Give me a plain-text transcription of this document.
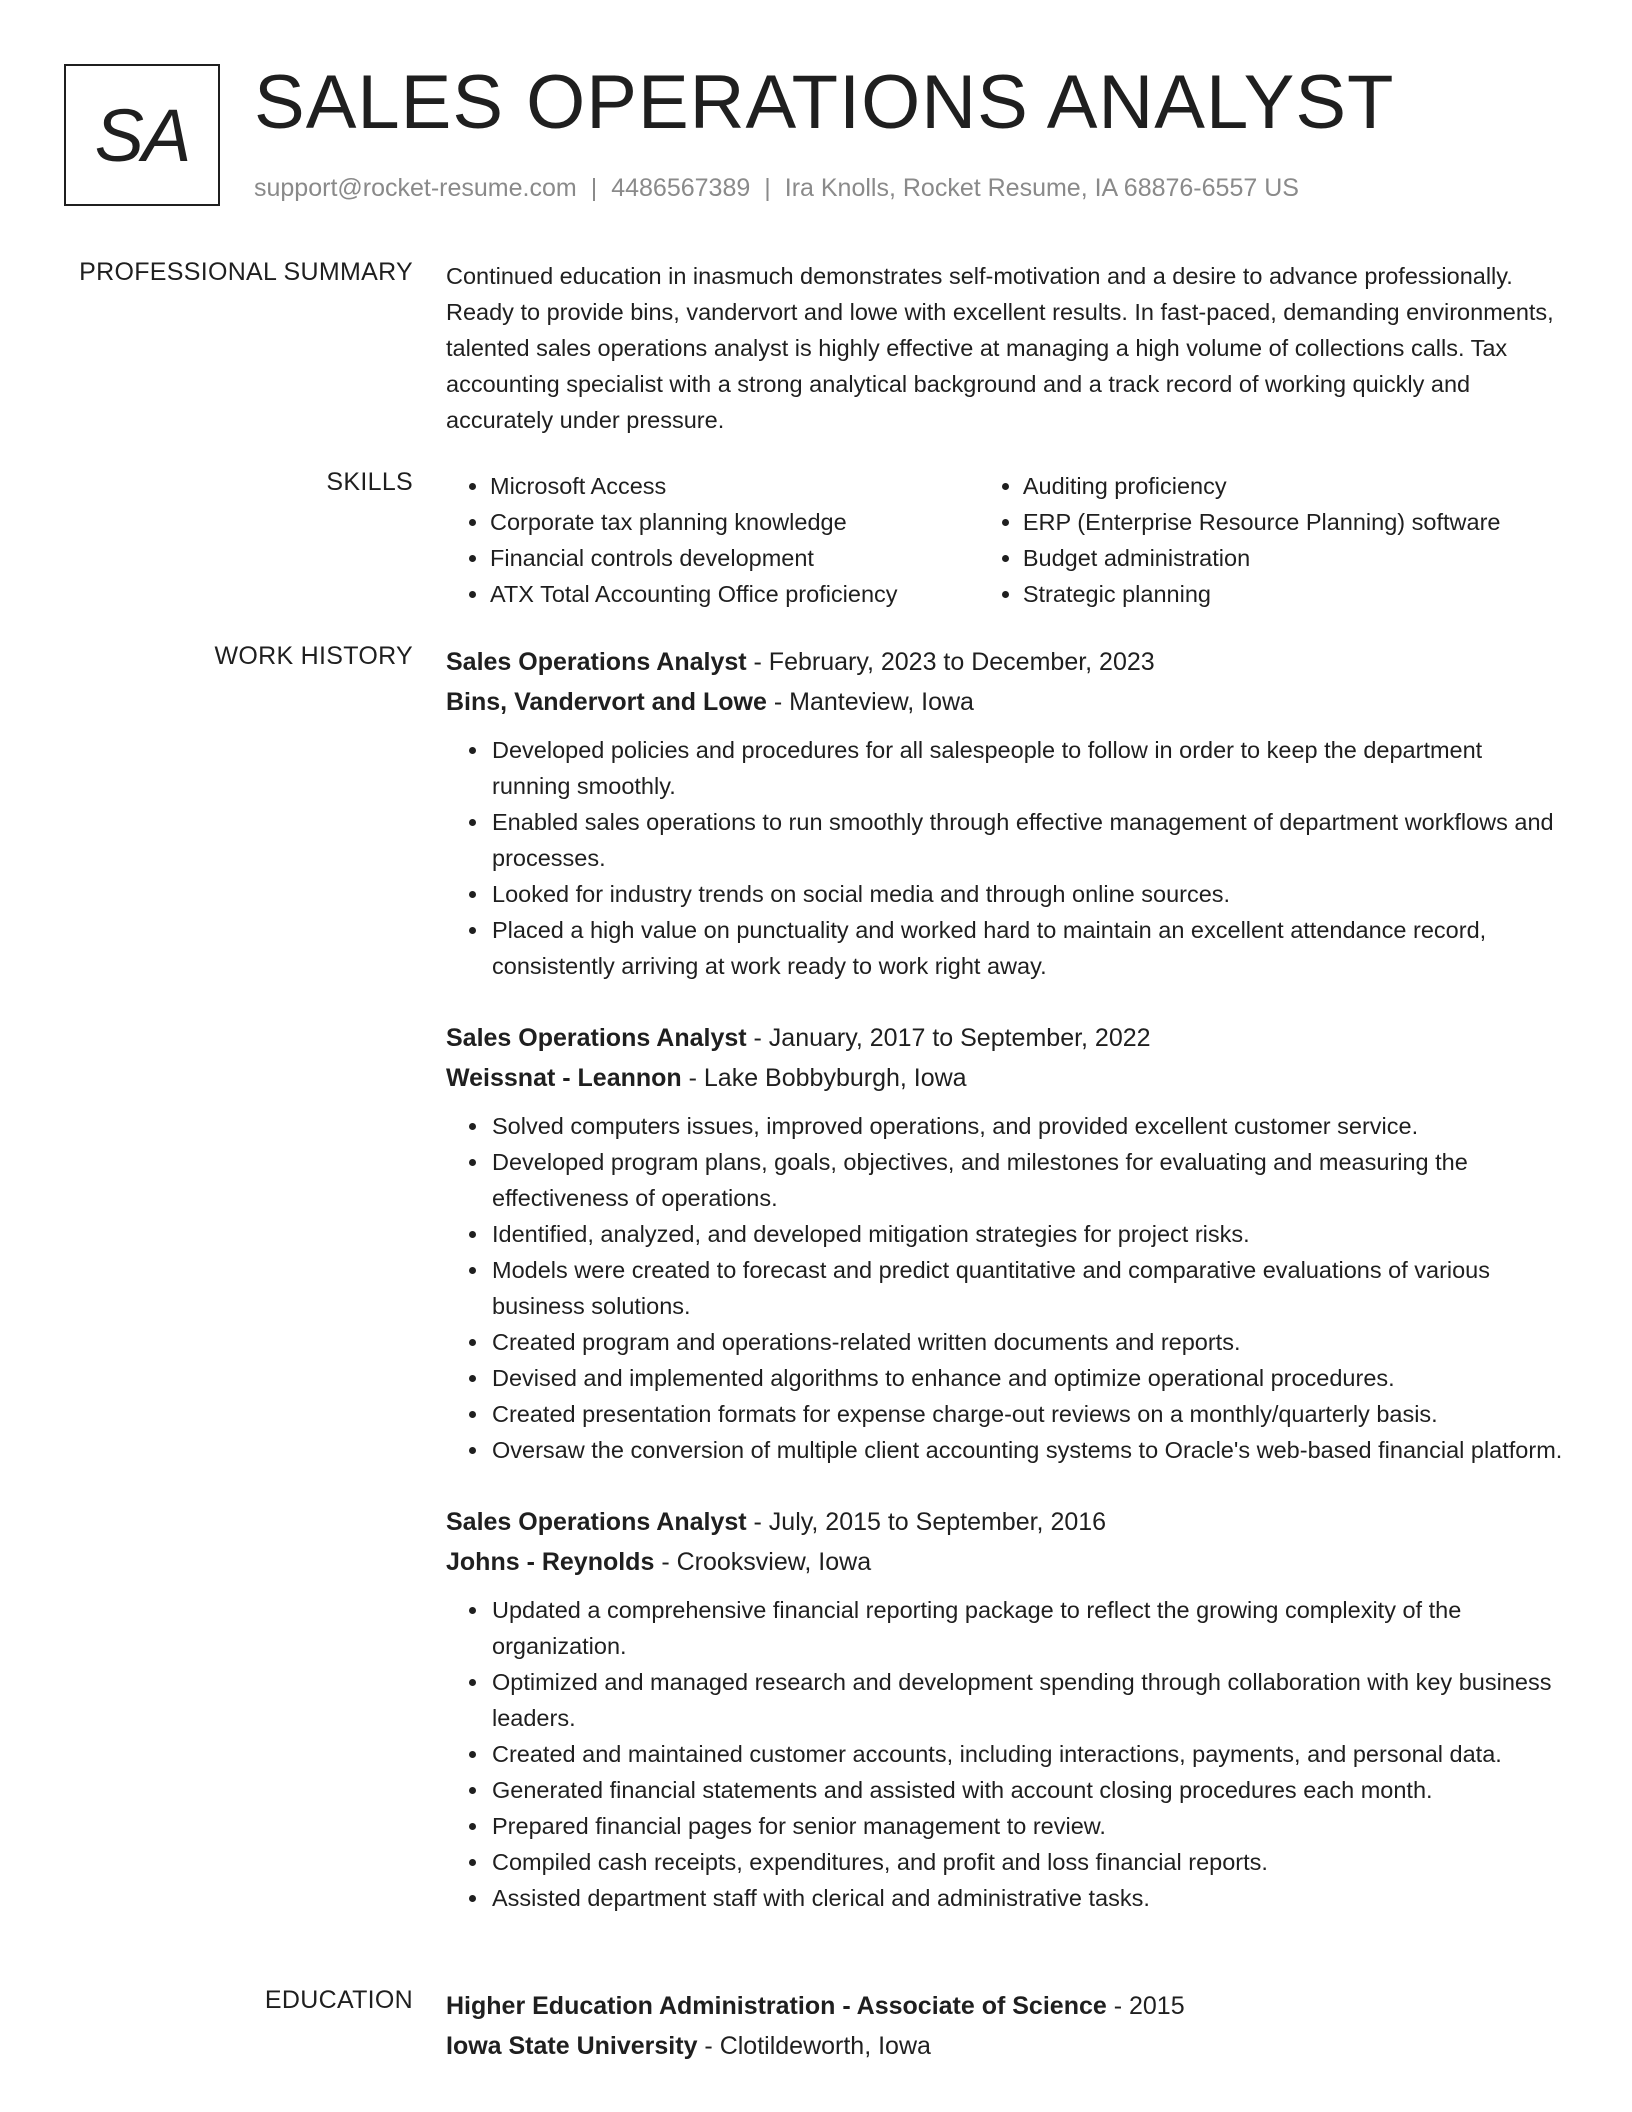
SA SALES OPERATIONS ANALYST
support@rocket-resume.com | 4486567389 | Ira Knolls, Rocket Resume, IA 68876-6557 US
PROFESSIONAL SUMMARY Continued education in inasmuch demonstrates self-motivation and a desire to advance professionally. Ready to provide bins, vandervort and lowe with excellent results. In fast-paced, demanding environments, talented sales operations analyst is highly effective at managing a high volume of collections calls. Tax accounting specialist with a strong analytical background and a track record of working quickly and accurately under pressure.

SKILLS
•	Microsoft Access
• Corporate tax planning knowledge
• Financial controls development
• ATX Total Accounting Office proficiency
• Auditing proficiency
• ERP (Enterprise Resource Planning) software
• Budget administration
• Strategic planning
WORK HISTORY Sales Operations Analyst - February, 2023 to December, 2023
Bins, Vandervort and Lowe - Manteview, Iowa
• Developed policies and procedures for all salespeople to follow in order to keep the department running smoothly.
• Enabled sales operations to run smoothly through effective management of department workflows and processes.
• Looked for industry trends on social media and through online sources.
• Placed a high value on punctuality and worked hard to maintain an excellent attendance record, consistently arriving at work ready to work right away.
Sales Operations Analyst - January, 2017 to September, 2022
Weissnat - Leannon - Lake Bobbyburgh, Iowa
• Solved computers issues, improved operations, and provided excellent customer service.
• Developed program plans, goals, objectives, and milestones for evaluating and measuring the effectiveness of operations.
• Identified, analyzed, and developed mitigation strategies for project risks.
• Models were created to forecast and predict quantitative and comparative evaluations of various business solutions.
• Created program and operations-related written documents and reports.
• Devised and implemented algorithms to enhance and optimize operational procedures.
• Created presentation formats for expense charge-out reviews on a monthly/quarterly basis.
• Oversaw the conversion of multiple client accounting systems to Oracle's web-based financial platform.
Sales Operations Analyst - July, 2015 to September, 2016
Johns - Reynolds - Crooksview, Iowa
• Updated a comprehensive financial reporting package to reflect the growing complexity of the organization.
• Optimized and managed research and development spending through collaboration with key business leaders.
• Created and maintained customer accounts, including interactions, payments, and personal data.
• Generated financial statements and assisted with account closing procedures each month.
• Prepared financial pages for senior management to review.
• Compiled cash receipts, expenditures, and profit and loss financial reports.
• Assisted department staff with clerical and administrative tasks.
EDUCATION Higher Education Administration - Associate of Science - 2015
Iowa State University - Clotildeworth, Iowa
